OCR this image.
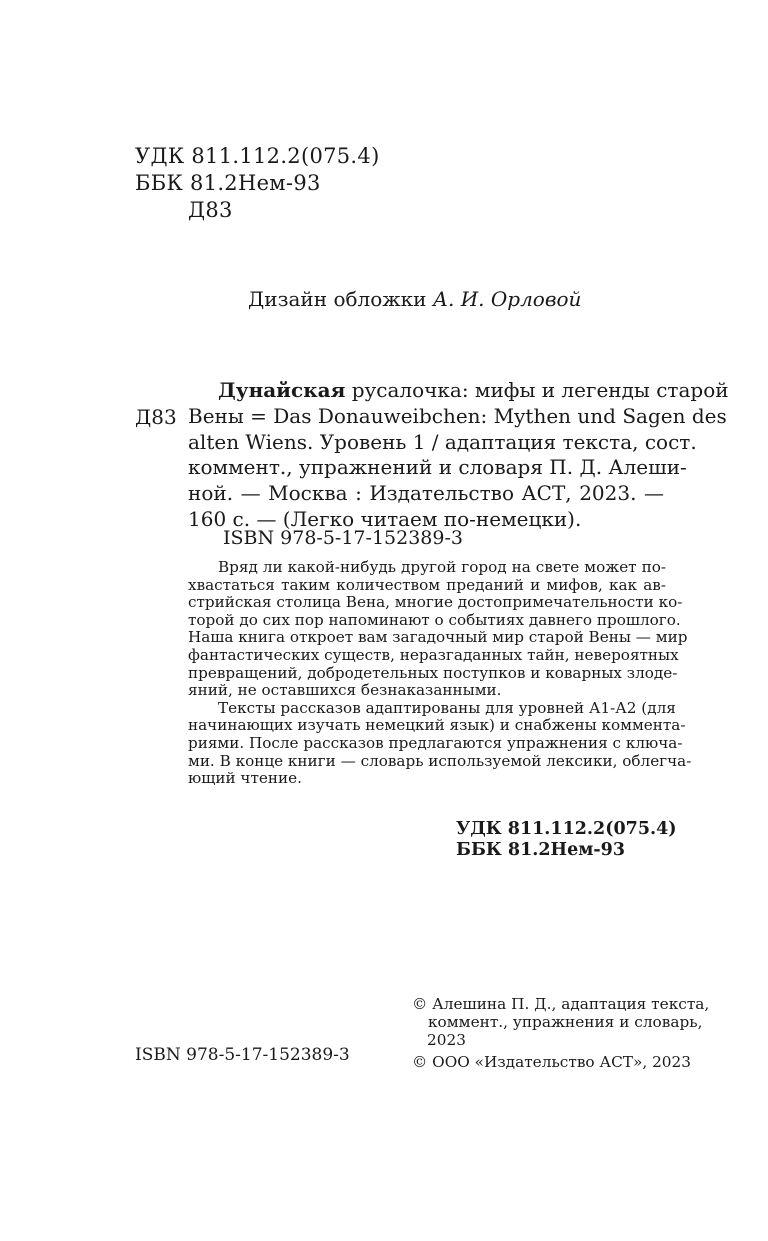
УДК 811.112.2(075.4)
ББК 81.2Нем-93
Д83
Дизайн обложки А. И. Орловой
Д83
Дунайская русалочка: мифы и легенды старой
Вены = Das Donauweibchen: Mythen und Sagen des
alten Wiens. Уровень 1 / адаптация текста, сост.
коммент., упражнений и словаря П. Д. Алеши-
ной. — Москва : Издательство АСТ, 2023. —
160 с. — (Легко читаем по-немецки).
ISBN 978-5-17-152389-3
Вряд ли какой-нибудь другой город на свете может по-
хвастаться таким количеством преданий и мифов, как ав-
стрийская столица Вена, многие достопримечательности ко-
торой до сих пор напоминают о событиях давнего прошлого.
Наша книга откроет вам загадочный мир старой Вены — мир
фантастических существ, неразгаданных тайн, невероятных
превращений, добродетельных поступков и коварных злоде-
яний, не оставшихся безнаказанными.
Тексты рассказов адаптированы для уровней А1-А2 (для
начинающих изучать немецкий язык) и снабжены коммента-
риями. После рассказов предлагаются упражнения с ключа-
ми. В конце книги — словарь используемой лексики, облегча-
ющий чтение.
УДК 811.112.2(075.4)
ББК 81.2Нем-93
© Алешина П. Д., адаптация текста,
коммент., упражнения и словарь,
2023
© ООО «Издательство АСТ», 2023
ISBN 978-5-17-152389-3
